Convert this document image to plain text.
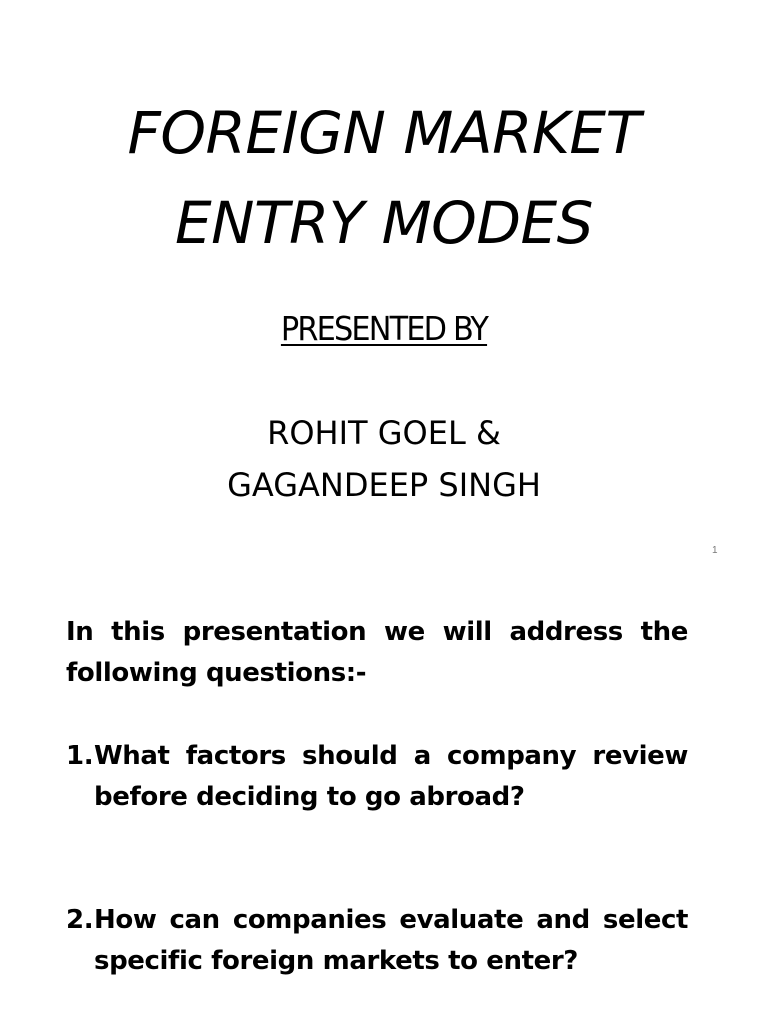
FOREIGN MARKET
ENTRY MODES
PRESENTED BY
ROHIT GOEL &
GAGANDEEP SINGH
1

In this presentation we will address the following questions:-

1. What factors should a company review before deciding to go abroad?
2. How can companies evaluate and select specific foreign markets to enter?
